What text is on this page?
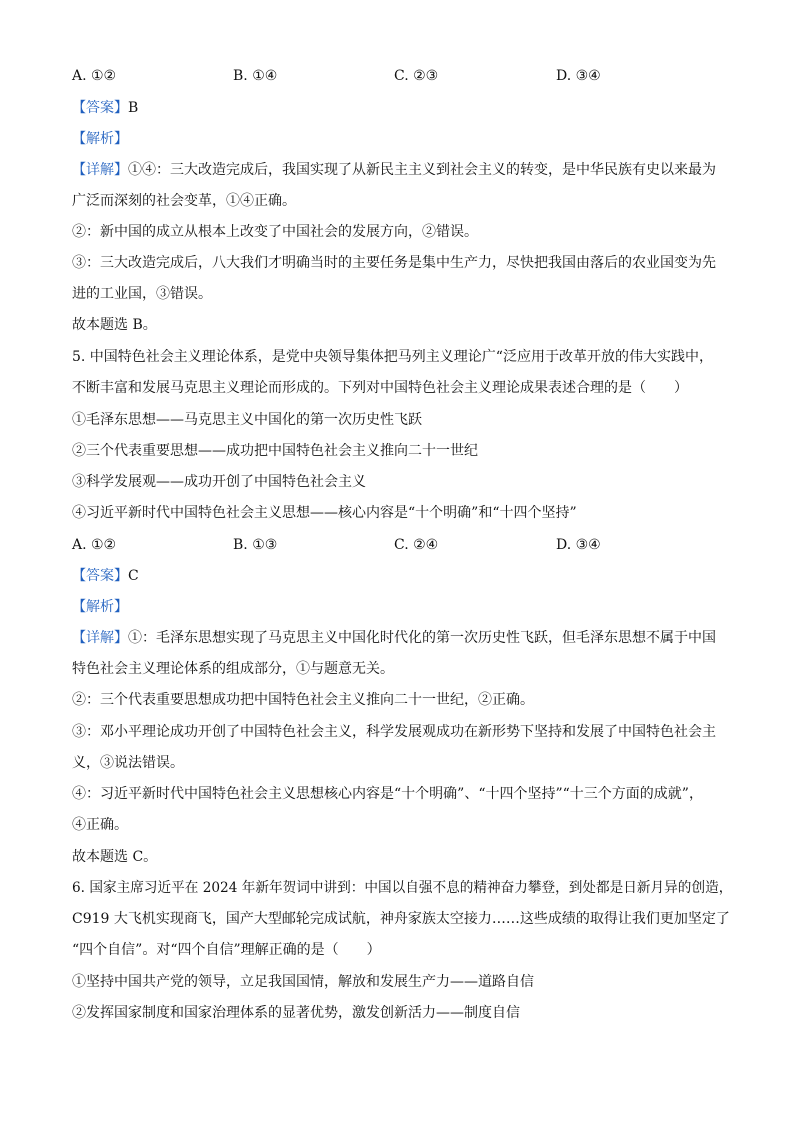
A. ①②	B. ①④	C. ②③	D. ③④
【答案】B
【解析】
【详解】①④：三大改造完成后，我国实现了从新民主主义到社会主义的转变，是中华民族有史以来最为
广泛而深刻的社会变革，①④正确。
②：新中国的成立从根本上改变了中国社会的发展方向，②错误。
③：三大改造完成后，八大我们才明确当时的主要任务是集中生产力，尽快把我国由落后的农业国变为先
进的工业国，③错误。
故本题选 B。
5. 中国特色社会主义理论体系，是党中央领导集体把马列主义理论广“泛应用于改革开放的伟大实践中，
不断丰富和发展马克思主义理论而形成的。下列对中国特色社会主义理论成果表述合理的是（　　）
①毛泽东思想——马克思主义中国化的第一次历史性飞跃
②三个代表重要思想——成功把中国特色社会主义推向二十一世纪
③科学发展观——成功开创了中国特色社会主义
④习近平新时代中国特色社会主义思想——核心内容是“十个明确”和“十四个坚持”
A. ①②	B. ①③	C. ②④	D. ③④
【答案】C
【解析】
【详解】①：毛泽东思想实现了马克思主义中国化时代化的第一次历史性飞跃，但毛泽东思想不属于中国
特色社会主义理论体系的组成部分，①与题意无关。
②：三个代表重要思想成功把中国特色社会主义推向二十一世纪，②正确。
③：邓小平理论成功开创了中国特色社会主义，科学发展观成功在新形势下坚持和发展了中国特色社会主
义，③说法错误。
④：习近平新时代中国特色社会主义思想核心内容是“十个明确”、“十四个坚持”“十三个方面的成就”，
④正确。
故本题选 C。
6. 国家主席习近平在 2024 年新年贺词中讲到：中国以自强不息的精神奋力攀登，到处都是日新月异的创造，
C919 大飞机实现商飞，国产大型邮轮完成试航，神舟家族太空接力……这些成绩的取得让我们更加坚定了
“四个自信”。对“四个自信”理解正确的是（　　）
①坚持中国共产党的领导，立足我国国情，解放和发展生产力——道路自信
②发挥国家制度和国家治理体系的显著优势，激发创新活力——制度自信
